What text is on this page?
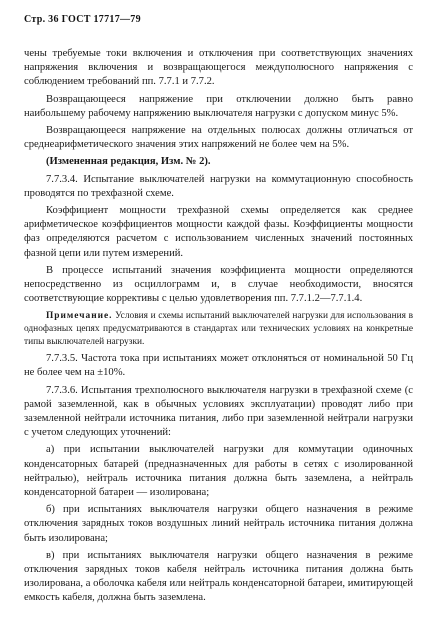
Стр. 36 ГОСТ 17717—79

чены требуемые токи включения и отключения при соответствующих значениях напряжения включения и возвращающегося междуполюсного напряжения с соблюдением требований пп. 7.7.1 и 7.7.2.

Возвращающееся напряжение при отключении должно быть равно наибольшему рабочему напряжению выключателя нагрузки с допуском минус 5%.

Возвращающееся напряжение на отдельных полюсах должны отличаться от среднеарифметического значения этих напряжений не более чем на 5%.

(Измененная редакция, Изм. № 2).

7.7.3.4. Испытание выключателей нагрузки на коммутационную способность проводятся по трехфазной схеме.

Коэффициент мощности трехфазной схемы определяется как среднее арифметическое коэффициентов мощности каждой фазы. Коэффициенты мощности фаз определяются расчетом с использованием численных значений постоянных фазной цепи или путем измерений.

В процессе испытаний значения коэффициента мощности определяются непосредственно из осциллограмм и, в случае необходимости, вносятся соответствующие коррективы с целью удовлетворения пп. 7.7.1.2—7.7.1.4.

Примечание. Условия и схемы испытаний выключателей нагрузки для использования в однофазных цепях предусматриваются в стандартах или технических условиях на конкретные типы выключателей нагрузки.

7.7.3.5. Частота тока при испытаниях может отклоняться от номинальной 50 Гц не более чем на ±10%.

7.7.3.6. Испытания трехполюсного выключателя нагрузки в трехфазной схеме (с рамой заземленной, как в обычных условиях эксплуатации) проводят либо при заземленной нейтрали источника питания, либо при заземленной нейтрали нагрузки с учетом следующих уточнений:

а) при испытании выключателей нагрузки для коммутации одиночных конденсаторных батарей (предназначенных для работы в сетях с изолированной нейтралью), нейтраль источника питания должна быть заземлена, а нейтраль конденсаторной батареи — изолирована;

б) при испытаниях выключателя нагрузки общего назначения в режиме отключения зарядных токов воздушных линий нейтраль источника питания должна быть изолирована;

в) при испытаниях выключателя нагрузки общего назначения в режиме отключения зарядных токов кабеля нейтраль источника питания должна быть изолирована, а оболочка кабеля или нейтраль конденсаторной батареи, имитирующей емкость кабеля, должна быть заземлена.
